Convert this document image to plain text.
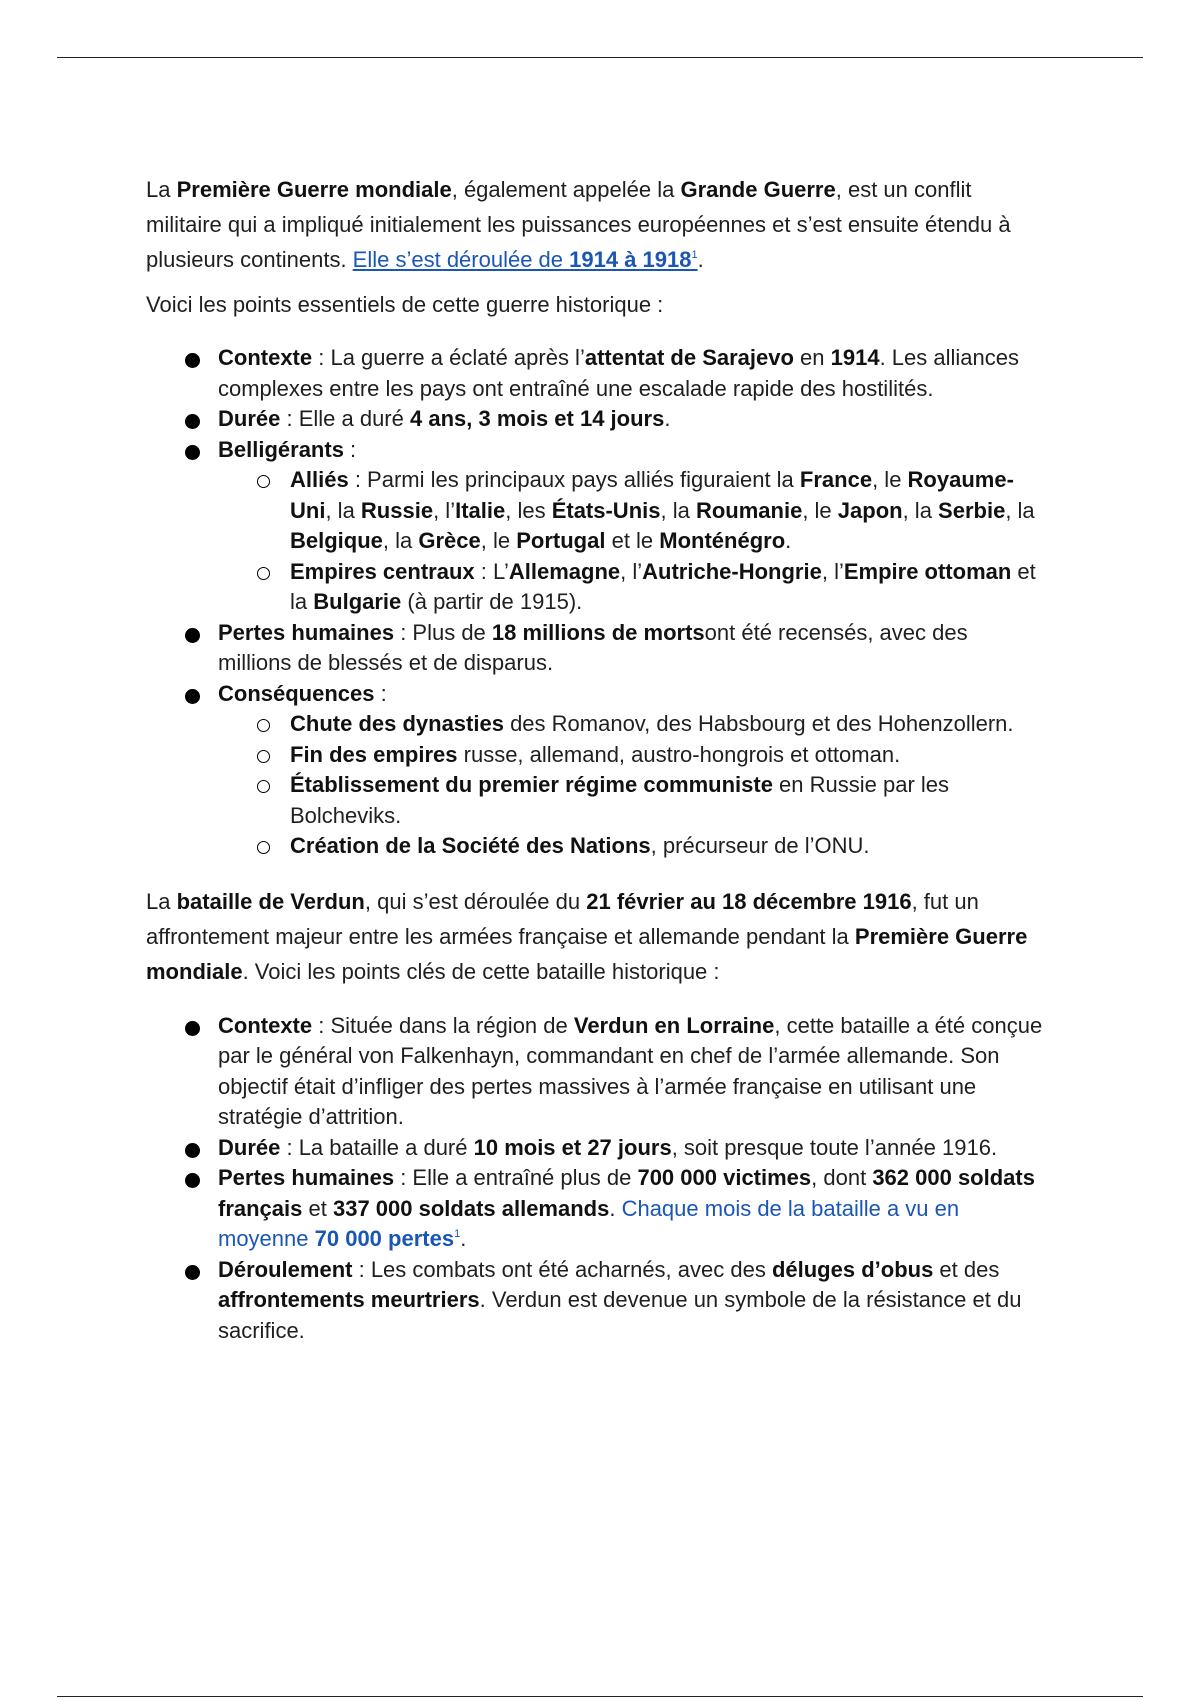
La Première Guerre mondiale, également appelée la Grande Guerre, est un conflit militaire qui a impliqué initialement les puissances européennes et s’est ensuite étendu à plusieurs continents. Elle s’est déroulée de 1914 à 1918$^1$.

Voici les points essentiels de cette guerre historique :

Contexte : La guerre a éclaté après l’attentat de Sarajevo en 1914. Les alliances complexes entre les pays ont entraîné une escalade rapide des hostilités.
Durée : Elle a duré 4 ans, 3 mois et 14 jours.
Belligérants :
Alliés : Parmi les principaux pays alliés figuraient la France, le Royaume-Uni, la Russie, l’Italie, les États-Unis, la Roumanie, le Japon, la Serbie, la Belgique, la Grèce, le Portugal et le Monténégro.
Empires centraux : L’Allemagne, l’Autriche-Hongrie, l’Empire ottoman et la Bulgarie (à partir de 1915).
Pertes humaines : Plus de 18 millions de mortsont été recensés, avec des millions de blessés et de disparus.
Conséquences :
Chute des dynasties des Romanov, des Habsbourg et des Hohenzollern.
Fin des empires russe, allemand, austro-hongrois et ottoman.
Établissement du premier régime communiste en Russie par les Bolcheviks.
Création de la Société des Nations, précurseur de l’ONU.

La bataille de Verdun, qui s’est déroulée du 21 février au 18 décembre 1916, fut un affrontement majeur entre les armées française et allemande pendant la Première Guerre mondiale. Voici les points clés de cette bataille historique :

Contexte : Située dans la région de Verdun en Lorraine, cette bataille a été conçue par le général von Falkenhayn, commandant en chef de l’armée allemande. Son objectif était d’infliger des pertes massives à l’armée française en utilisant une stratégie d’attrition.
Durée : La bataille a duré 10 mois et 27 jours, soit presque toute l’année 1916.
Pertes humaines : Elle a entraîné plus de 700 000 victimes, dont 362 000 soldats français et 337 000 soldats allemands. Chaque mois de la bataille a vu en moyenne 70 000 pertes$^1$.
Déroulement : Les combats ont été acharnés, avec des déluges d’obus et des affrontements meurtriers. Verdun est devenue un symbole de la résistance et du sacrifice.
